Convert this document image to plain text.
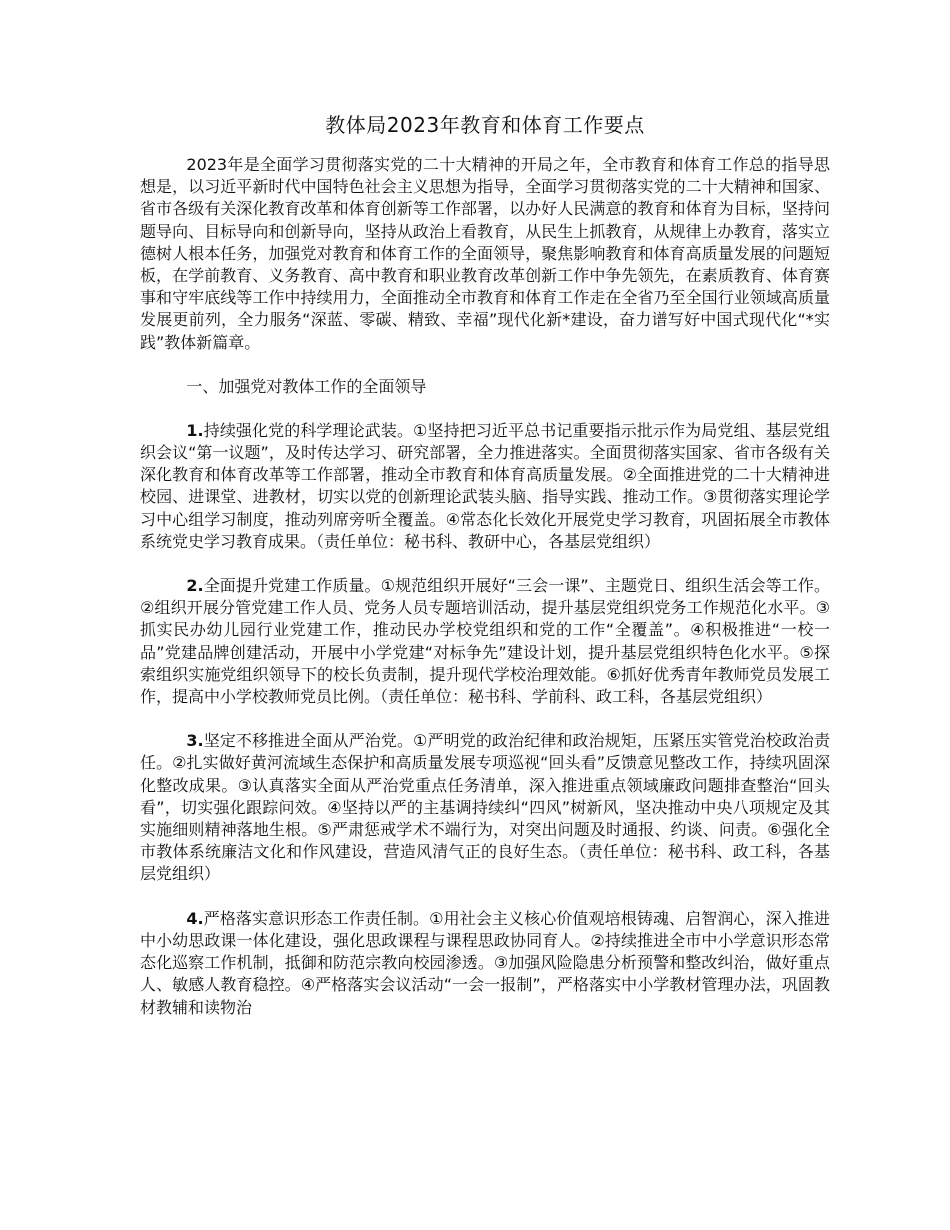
教体局2023年教育和体育工作要点

2023年是全面学习贯彻落实党的二十大精神的开局之年，全市教育和体育工作总的指导思想是，以习近平新时代中国特色社会主义思想为指导，全面学习贯彻落实党的二十大精神和国家、省市各级有关深化教育改革和体育创新等工作部署，以办好人民满意的教育和体育为目标，坚持问题导向、目标导向和创新导向，坚持从政治上看教育，从民生上抓教育，从规律上办教育，落实立德树人根本任务，加强党对教育和体育工作的全面领导，聚焦影响教育和体育高质量发展的问题短板，在学前教育、义务教育、高中教育和职业教育改革创新工作中争先领先，在素质教育、体育赛事和守牢底线等工作中持续用力，全面推动全市教育和体育工作走在全省乃至全国行业领域高质量发展更前列，全力服务“深蓝、零碳、精致、幸福”现代化新*建设，奋力谱写好中国式现代化“*实践”教体新篇章。

一、加强党对教体工作的全面领导

1.持续强化党的科学理论武装。①坚持把习近平总书记重要指示批示作为局党组、基层党组织会议“第一议题”，及时传达学习、研究部署，全力推进落实。全面贯彻落实国家、省市各级有关深化教育和体育改革等工作部署，推动全市教育和体育高质量发展。②全面推进党的二十大精神进校园、进课堂、进教材，切实以党的创新理论武装头脑、指导实践、推动工作。③贯彻落实理论学习中心组学习制度，推动列席旁听全覆盖。④常态化长效化开展党史学习教育，巩固拓展全市教体系统党史学习教育成果。（责任单位：秘书科、教研中心，各基层党组织）

2.全面提升党建工作质量。①规范组织开展好“三会一课”、主题党日、组织生活会等工作。②组织开展分管党建工作人员、党务人员专题培训活动，提升基层党组织党务工作规范化水平。③抓实民办幼儿园行业党建工作，推动民办学校党组织和党的工作“全覆盖”。④积极推进“一校一品”党建品牌创建活动，开展中小学党建“对标争先”建设计划，提升基层党组织特色化水平。⑤探索组织实施党组织领导下的校长负责制，提升现代学校治理效能。⑥抓好优秀青年教师党员发展工作，提高中小学校教师党员比例。（责任单位：秘书科、学前科、政工科，各基层党组织）

3.坚定不移推进全面从严治党。①严明党的政治纪律和政治规矩，压紧压实管党治校政治责任。②扎实做好黄河流域生态保护和高质量发展专项巡视“回头看”反馈意见整改工作，持续巩固深化整改成果。③认真落实全面从严治党重点任务清单，深入推进重点领域廉政问题排查整治“回头看”，切实强化跟踪问效。④坚持以严的主基调持续纠“四风”树新风，坚决推动中央八项规定及其实施细则精神落地生根。⑤严肃惩戒学术不端行为，对突出问题及时通报、约谈、问责。⑥强化全市教体系统廉洁文化和作风建设，营造风清气正的良好生态。（责任单位：秘书科、政工科，各基层党组织）

4.严格落实意识形态工作责任制。①用社会主义核心价值观培根铸魂、启智润心，深入推进中小幼思政课一体化建设，强化思政课程与课程思政协同育人。②持续推进全市中小学意识形态常态化巡察工作机制，抵御和防范宗教向校园渗透。③加强风险隐患分析预警和整改纠治，做好重点人、敏感人教育稳控。④严格落实会议活动“一会一报制”，严格落实中小学教材管理办法，巩固教材教辅和读物治
